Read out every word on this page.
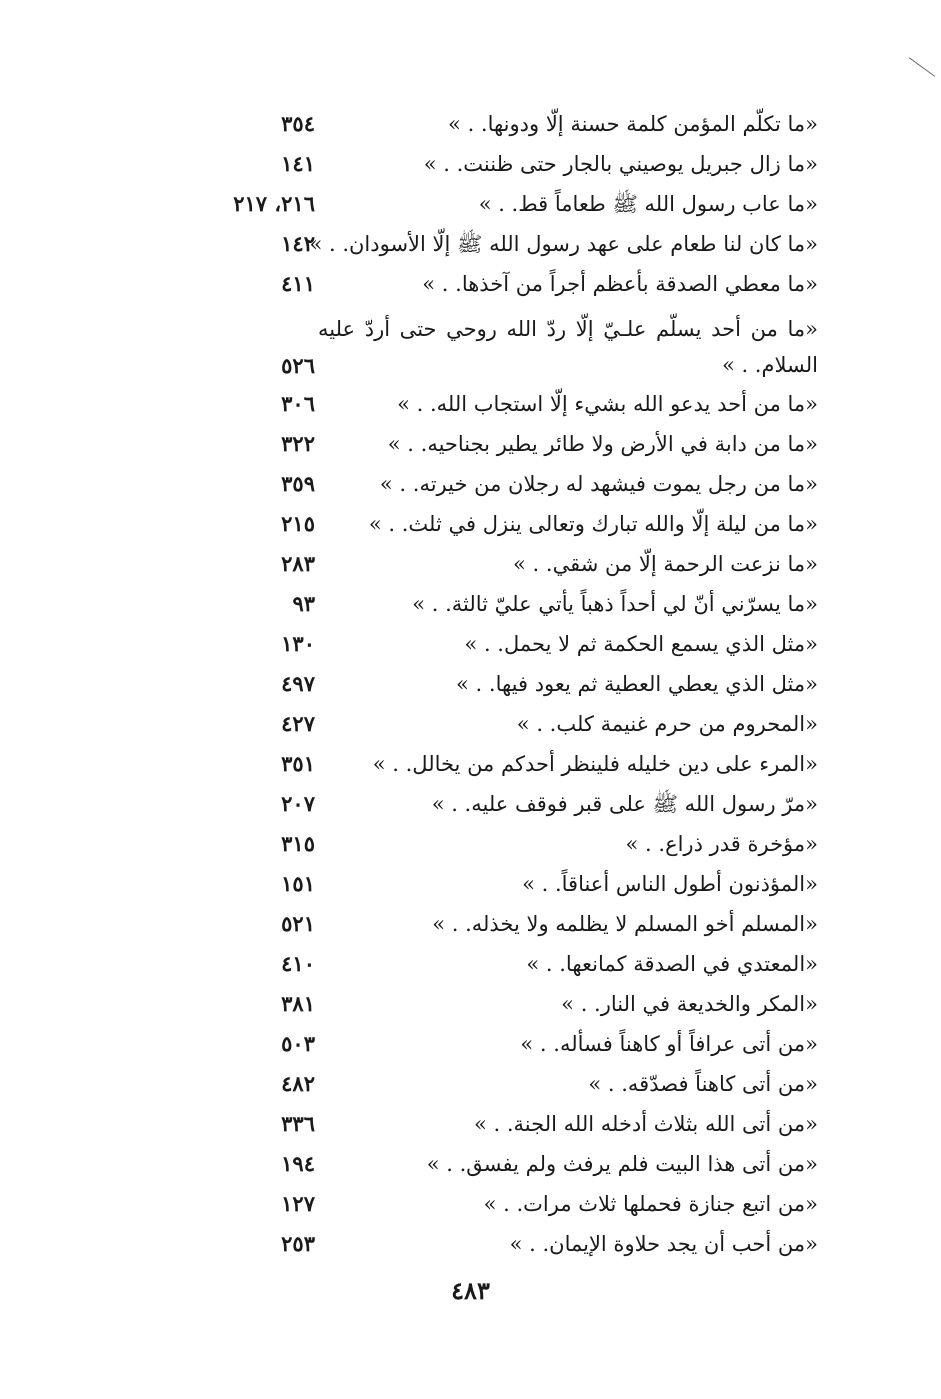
«ما تكلّم المؤمن كلمة حسنة إلّا ودونها. . »
٣٥٤
«ما زال جبريل يوصيني بالجار حتى ظننت. . »
١٤١
«ما عاب رسول الله ﷺ طعاماً قط. . »
٢١٦، ٢١٧
«ما كان لنا طعام على عهد رسول الله ﷺ إلّا الأسودان. . »
١٤٢
«ما معطي الصدقة بأعظم أجراً من آخذها. . »
٤١١
«ما من أحد يسلّم علـيّ إلّا ردّ الله روحي حتى أردّ عليه السلام. . »
٥٢٦
«ما من أحد يدعو الله بشيء إلّا استجاب الله. . »
٣٠٦
«ما من دابة في الأرض ولا طائر يطير بجناحيه. . »
٣٢٢
«ما من رجل يموت فيشهد له رجلان من خيرته. . »
٣٥٩
«ما من ليلة إلّا والله تبارك وتعالى ينزل في ثلث. . »
٢١٥
«ما نزعت الرحمة إلّا من شقي. . »
٢٨٣
«ما يسرّني أنّ لي أحداً ذهباً يأتي عليّ ثالثة. . »
٩٣
«مثل الذي يسمع الحكمة ثم لا يحمل. . »
١٣٠
«مثل الذي يعطي العطية ثم يعود فيها. . »
٤٩٧
«المحروم من حرم غنيمة كلب. . »
٤٢٧
«المرء على دين خليله فلينظر أحدكم من يخالل. . »
٣٥١
«مرّ رسول الله ﷺ على قبر فوقف عليه. . »
٢٠٧
«مؤخرة قدر ذراع. . »
٣١٥
«المؤذنون أطول الناس أعناقاً. . »
١٥١
«المسلم أخو المسلم لا يظلمه ولا يخذله. . »
٥٢١
«المعتدي في الصدقة كمانعها. . »
٤١٠
«المكر والخديعة في النار. . »
٣٨١
«من أتى عرافاً أو كاهناً فسأله. . »
٥٠٣
«من أتى كاهناً فصدّقه. . »
٤٨٢
«من أتى الله بثلاث أدخله الله الجنة. . »
٣٣٦
«من أتى هذا البيت فلم يرفث ولم يفسق. . »
١٩٤
«من اتبع جنازة فحملها ثلاث مرات. . »
١٢٧
«من أحب أن يجد حلاوة الإيمان. . »
٢٥٣
٤٨٣
